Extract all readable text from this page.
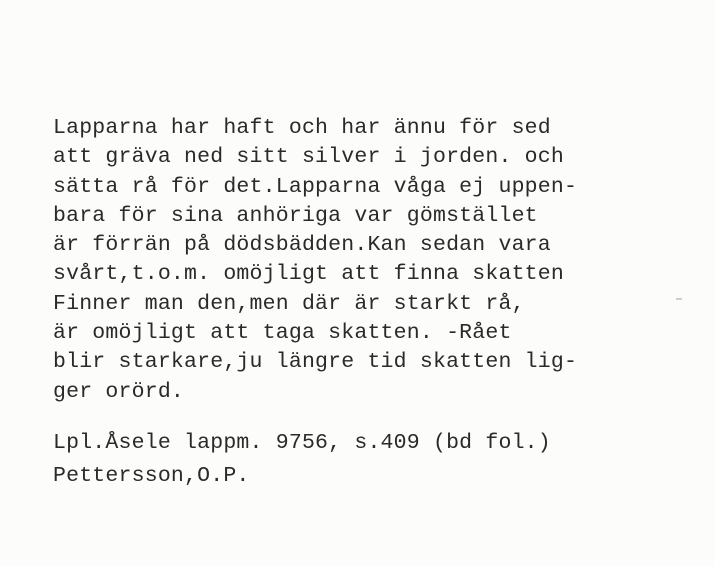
Lapparna har haft och har ännu för sed
att gräva ned sitt silver i jorden. och
sätta rå för det.Lapparna våga ej uppen-
bara för sina anhöriga var gömstället
är förrän på dödsbädden.Kan sedan vara
svårt,t.o.m. omöjligt att finna skatten
Finner man den,men där är starkt rå,
är omöjligt att taga skatten. -Rået
blir starkare,ju längre tid skatten lig-
ger orörd.
Lpl.Åsele lappm. 9756, s.409 (bd fol.)
Pettersson,O.P.
